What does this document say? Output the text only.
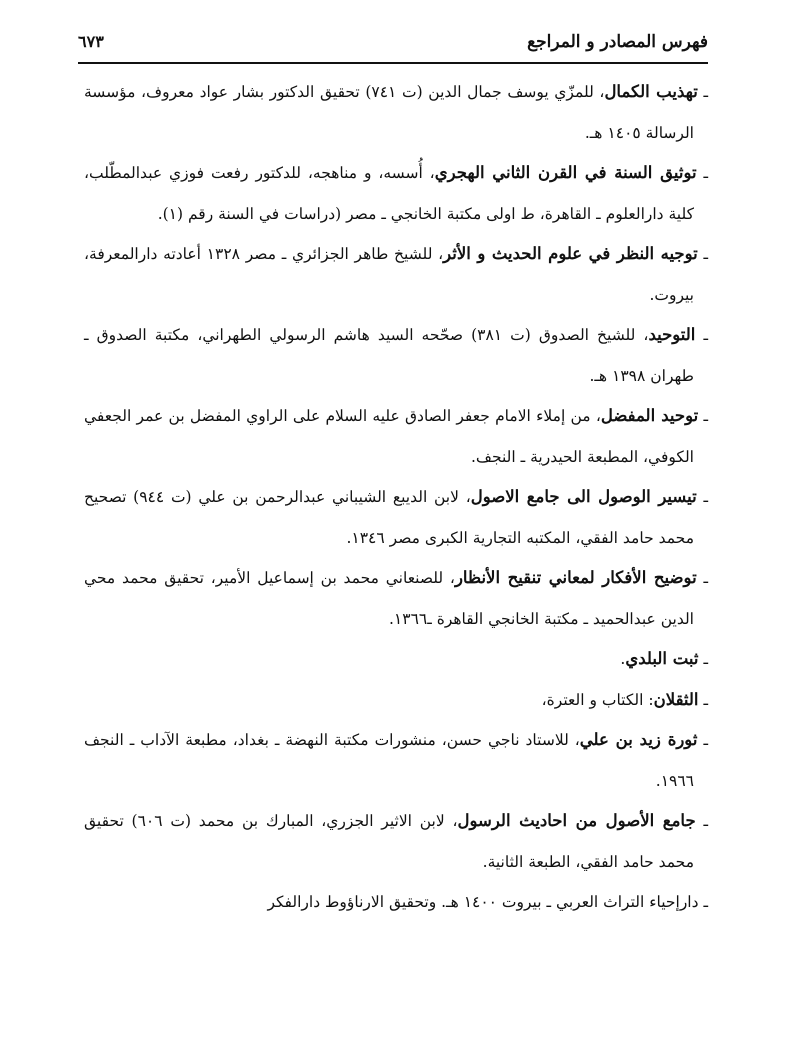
فهرس المصادر و المراجع
٦٧٣

ـ تهذيب الكمال، للمزّي يوسف جمال الدين (ت ٧٤١) تحقيق الدكتور بشار عواد معروف، مؤسسة الرسالة ١٤٠٥ هـ.

ـ توثيق السنة في القرن الثاني الهجري، أُسسه، و مناهجه، للدكتور رفعت فوزي عبدالمطّلب، كلية دارالعلوم ـ القاهرة، ط اولى مكتبة الخانجي ـ مصر (دراسات في السنة رقم (١).

ـ توجيه النظر في علوم الحديث و الأثر، للشيخ طاهر الجزائري ـ مصر ١٣٢٨ أعادته دارالمعرفة، بيروت.

ـ التوحيد، للشيخ الصدوق (ت ٣٨١) صحّحه السيد هاشم الرسولي الطهراني، مكتبة الصدوق ـ طهران ١٣٩٨ هـ.

ـ توحيد المفضل، من إملاء الامام جعفر الصادق عليه السلام على الراوي المفضل بن عمر الجعفي الكوفي، المطبعة الحيدرية ـ النجف.

ـ تيسير الوصول الى جامع الاصول، لابن الديبع الشيباني عبدالرحمن بن علي (ت ٩٤٤) تصحيح محمد حامد الفقي، المكتبه التجارية الكبرى مصر ١٣٤٦.

ـ توضيح الأفكار لمعاني تنقيح الأنظار، للصنعاني محمد بن إسماعيل الأمير، تحقيق محمد محي الدين عبدالحميد ـ مكتبة الخانجي القاهرة ـ١٣٦٦.

ـ ثبت البلدي.

ـ الثقلان: الكتاب و العترة،

ـ ثورة زيد بن علي، للاستاد ناجي حسن، منشورات مكتبة النهضة ـ بغداد، مطبعة الآداب ـ النجف ١٩٦٦.

ـ جامع الأصول من احاديث الرسول، لابن الاثير الجزري، المبارك بن محمد (ت ٦٠٦) تحقيق محمد حامد الفقي، الطبعة الثانية.

ـ دارإحياء التراث العربي ـ بيروت ١٤٠٠ هـ. وتحقيق الارناؤوط دارالفكر
